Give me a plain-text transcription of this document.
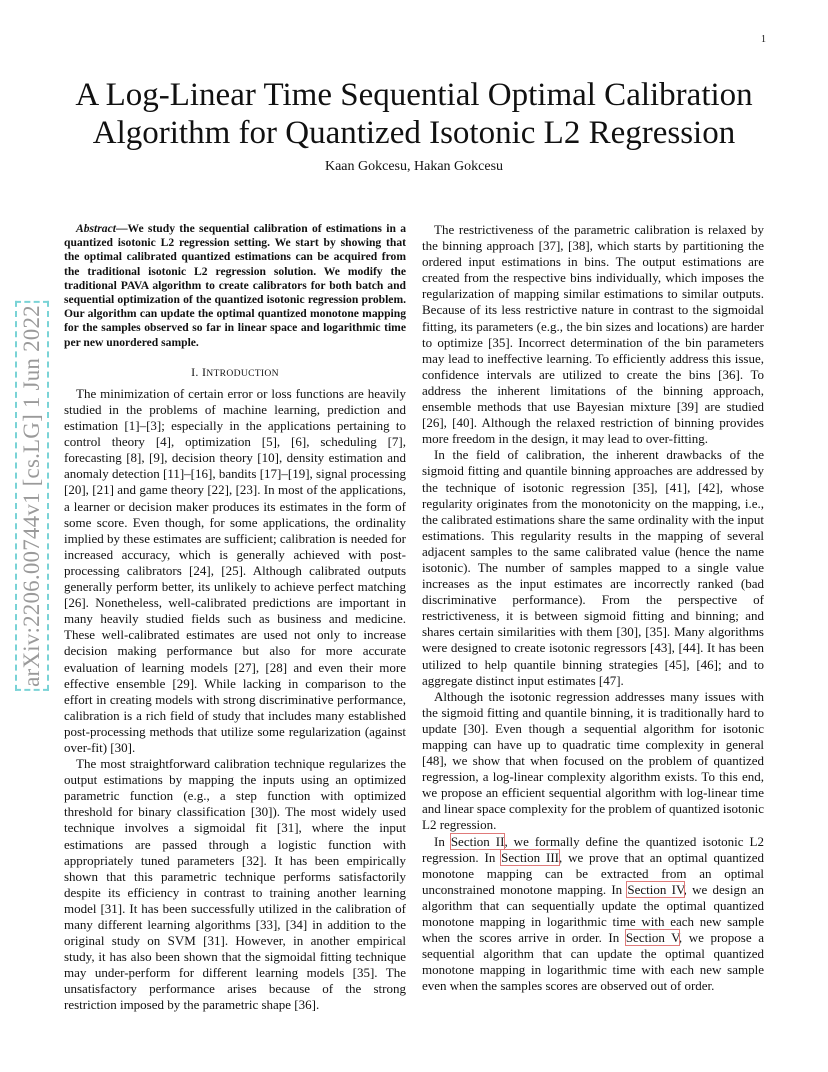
1
arXiv:2206.00744v1 [cs.LG] 1 Jun 2022
A Log-Linear Time Sequential Optimal Calibration Algorithm for Quantized Isotonic L2 Regression
Kaan Gokcesu, Hakan Gokcesu

Abstract—We study the sequential calibration of estimations in a quantized isotonic L2 regression setting. We start by showing that the optimal calibrated quantized estimations can be acquired from the traditional isotonic L2 regression solution. We modify the traditional PAVA algorithm to create calibrators for both batch and sequential optimization of the quantized isotonic regression problem. Our algorithm can update the optimal quantized monotone mapping for the samples observed so far in linear space and logarithmic time per new unordered sample.

I. INTRODUCTION

The minimization of certain error or loss functions are heavily studied in the problems of machine learning, prediction and estimation [1]–[3]; especially in the applications pertaining to control theory [4], optimization [5], [6], scheduling [7], forecasting [8], [9], decision theory [10], density estimation and anomaly detection [11]–[16], bandits [17]–[19], signal processing [20], [21] and game theory [22], [23]. In most of the applications, a learner or decision maker produces its estimates in the form of some score. Even though, for some applications, the ordinality implied by these estimates are sufficient; calibration is needed for increased accuracy, which is generally achieved with post-processing calibrators [24], [25]. Although calibrated outputs generally perform better, its unlikely to achieve perfect matching [26]. Nonetheless, well-calibrated predictions are important in many heavily studied fields such as business and medicine. These well-calibrated estimates are used not only to increase decision making performance but also for more accurate evaluation of learning models [27], [28] and even their more effective ensemble [29]. While lacking in comparison to the effort in creating models with strong discriminative performance, calibration is a rich field of study that includes many established post-processing methods that utilize some regularization (against over-fit) [30].

The most straightforward calibration technique regularizes the output estimations by mapping the inputs using an optimized parametric function (e.g., a step function with optimized threshold for binary classification [30]). The most widely used technique involves a sigmoidal fit [31], where the input estimations are passed through a logistic function with appropriately tuned parameters [32]. It has been empirically shown that this parametric technique performs satisfactorily despite its efficiency in contrast to training another learning model [31]. It has been successfully utilized in the calibration of many different learning algorithms [33], [34] in addition to the original study on SVM [31]. However, in another empirical study, it has also been shown that the sigmoidal fitting technique may under-perform for different learning models [35]. The unsatisfactory performance arises because of the strong restriction imposed by the parametric shape [36].

The restrictiveness of the parametric calibration is relaxed by the binning approach [37], [38], which starts by partitioning the ordered input estimations in bins. The output estimations are created from the respective bins individually, which imposes the regularization of mapping similar estimations to similar outputs. Because of its less restrictive nature in contrast to the sigmoidal fitting, its parameters (e.g., the bin sizes and locations) are harder to optimize [35]. Incorrect determination of the bin parameters may lead to ineffective learning. To efficiently address this issue, confidence intervals are utilized to create the bins [36]. To address the inherent limitations of the binning approach, ensemble methods that use Bayesian mixture [39] are studied [26], [40]. Although the relaxed restriction of binning provides more freedom in the design, it may lead to over-fitting.

In the field of calibration, the inherent drawbacks of the sigmoid fitting and quantile binning approaches are addressed by the technique of isotonic regression [35], [41], [42], whose regularity originates from the monotonicity on the mapping, i.e., the calibrated estimations share the same ordinality with the input estimations. This regularity results in the mapping of several adjacent samples to the same calibrated value (hence the name isotonic). The number of samples mapped to a single value increases as the input estimates are incorrectly ranked (bad discriminative performance). From the perspective of restrictiveness, it is between sigmoid fitting and binning; and shares certain similarities with them [30], [35]. Many algorithms were designed to create isotonic regressors [43], [44]. It has been utilized to help quantile binning strategies [45], [46]; and to aggregate distinct input estimates [47].

Although the isotonic regression addresses many issues with the sigmoid fitting and quantile binning, it is traditionally hard to update [30]. Even though a sequential algorithm for isotonic mapping can have up to quadratic time complexity in general [48], we show that when focused on the problem of quantized regression, a log-linear complexity algorithm exists. To this end, we propose an efficient sequential algorithm with log-linear time and linear space complexity for the problem of quantized isotonic L2 regression.

In Section II, we formally define the quantized isotonic L2 regression. In Section III, we prove that an optimal quantized monotone mapping can be extracted from an optimal unconstrained monotone mapping. In Section IV, we design an algorithm that can sequentially update the optimal quantized monotone mapping in logarithmic time with each new sample when the scores arrive in order. In Section V, we propose a sequential algorithm that can update the optimal quantized monotone mapping in logarithmic time with each new sample even when the samples scores are observed out of order.
